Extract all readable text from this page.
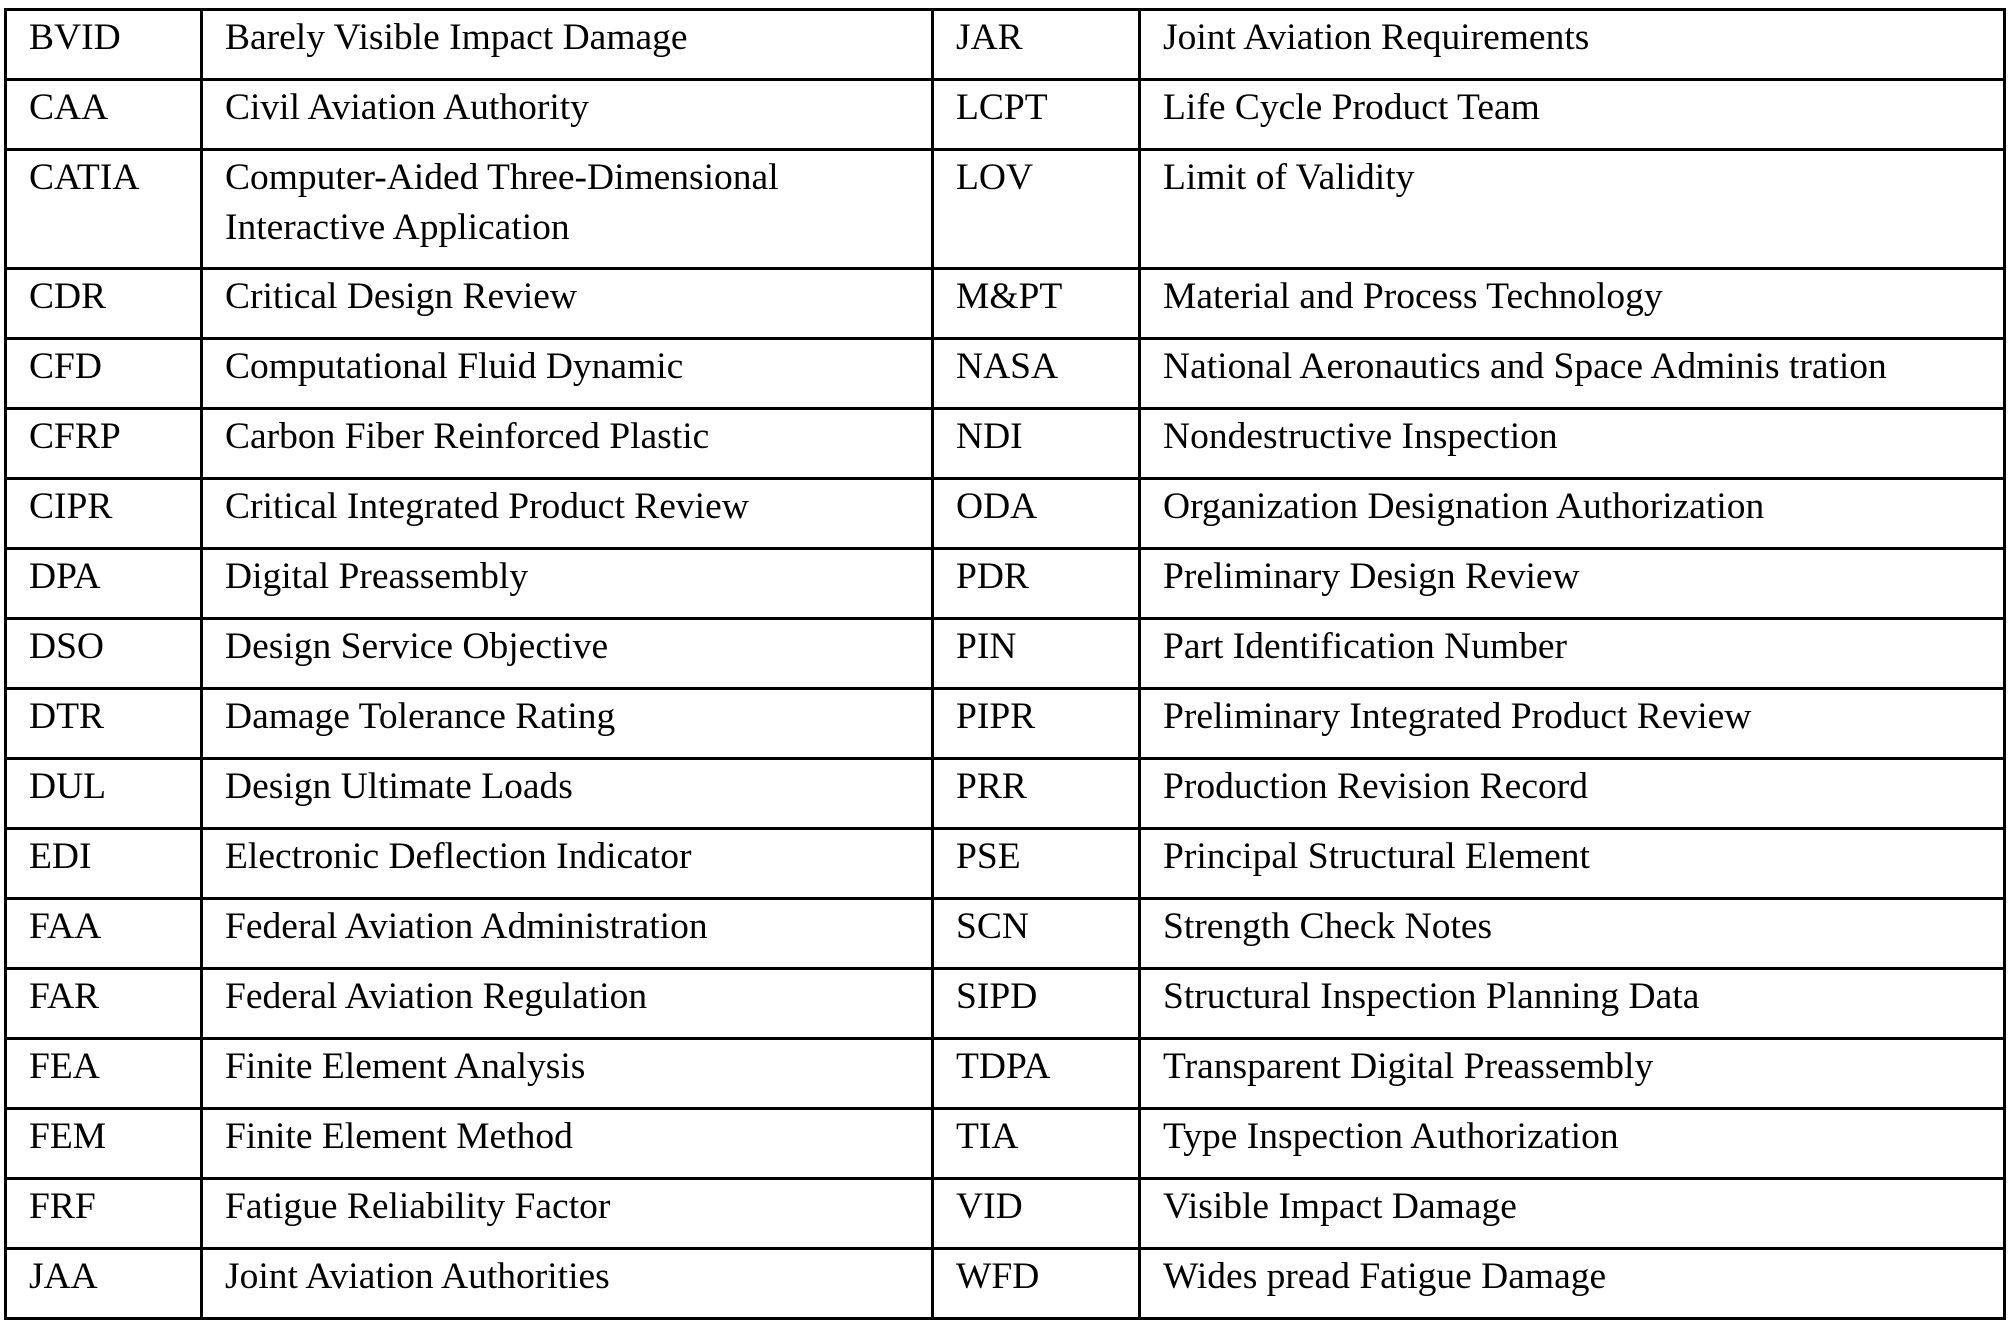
BVID	Barely Visible Impact Damage	JAR	Joint Aviation Requirements
CAA	Civil Aviation Authority	LCPT	Life Cycle Product Team
CATIA	Computer-Aided Three-Dimensional Interactive Application	LOV	Limit of Validity
CDR	Critical Design Review	M&PT	Material and Process Technology
CFD	Computational Fluid Dynamic	NASA	National Aeronautics and Space Adminis tration
CFRP	Carbon Fiber Reinforced Plastic	NDI	Nondestructive Inspection
CIPR	Critical Integrated Product Review	ODA	Organization Designation Authorization
DPA	Digital Preassembly	PDR	Preliminary Design Review
DSO	Design Service Objective	PIN	Part Identification Number
DTR	Damage Tolerance Rating	PIPR	Preliminary Integrated Product Review
DUL	Design Ultimate Loads	PRR	Production Revision Record
EDI	Electronic Deflection Indicator	PSE	Principal Structural Element
FAA	Federal Aviation Administration	SCN	Strength Check Notes
FAR	Federal Aviation Regulation	SIPD	Structural Inspection Planning Data
FEA	Finite Element Analysis	TDPA	Transparent Digital Preassembly
FEM	Finite Element Method	TIA	Type Inspection Authorization
FRF	Fatigue Reliability Factor	VID	Visible Impact Damage
JAA	Joint Aviation Authorities	WFD	Wides pread Fatigue Damage
